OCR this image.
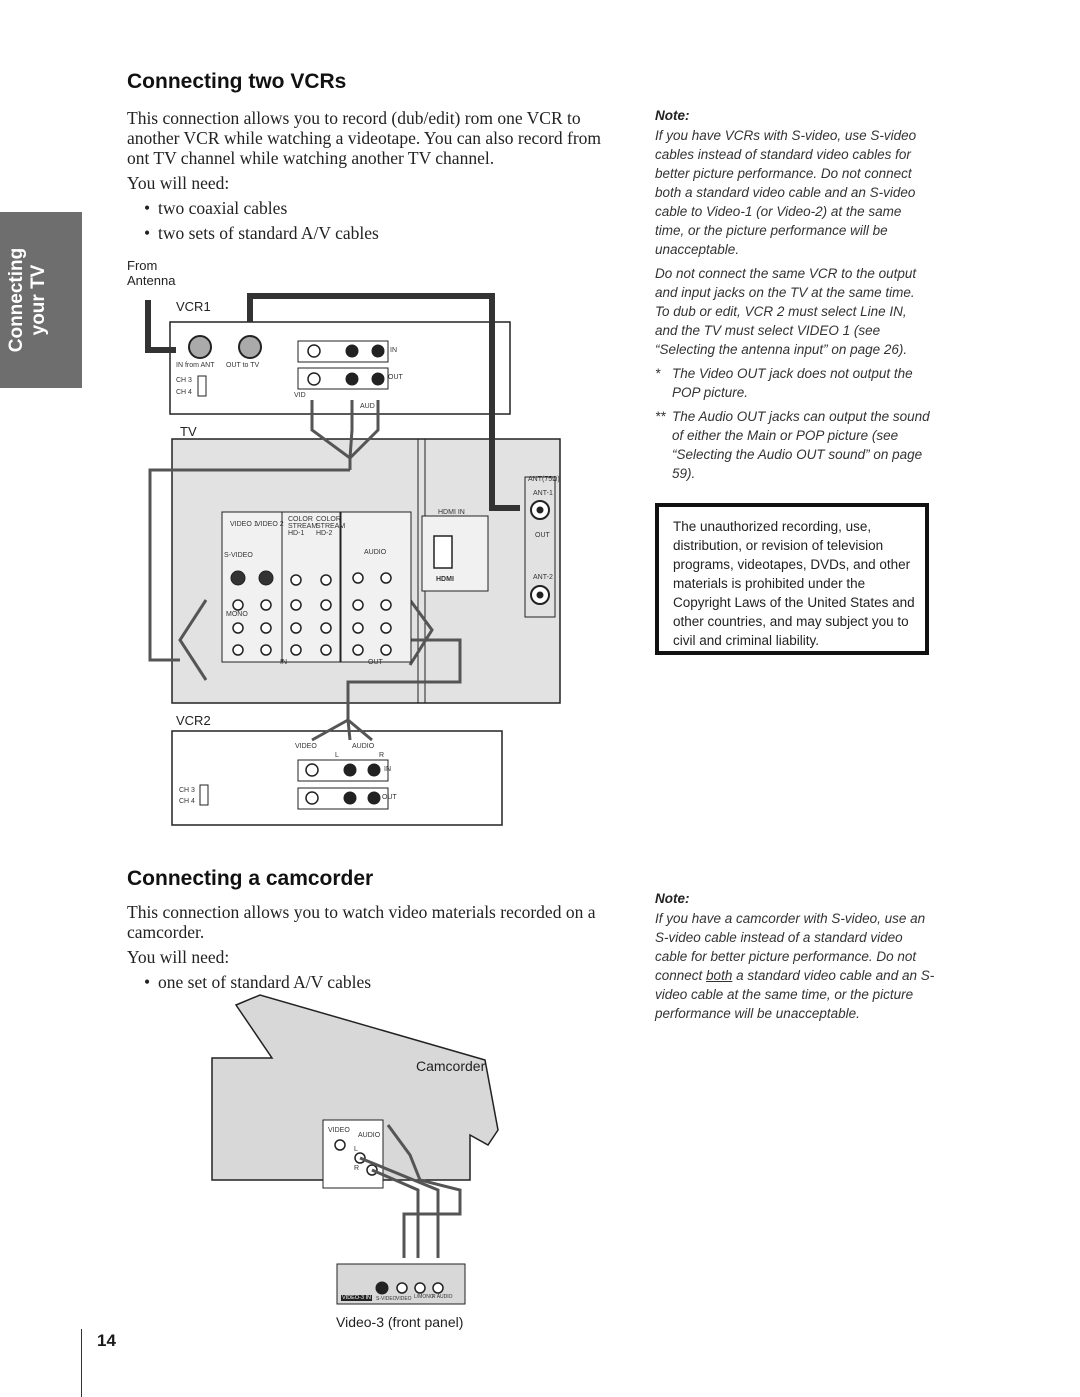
Connecting your TV
Connecting two VCRs

This connection allows you to record (dub/edit) rom one VCR to another VCR while watching a videotape. You can also record from ont TV channel while watching another TV channel.

You will need:

• two coaxial cables
• two sets of standard A/V cables
Note:

If you have VCRs with S-video, use S-video cables instead of standard video cables for better picture performance. Do not connect both a standard video cable and an S-video cable to Video-1 (or Video-2) at the same time, or the picture performance will be unacceptable.

Do not connect the same VCR to the output and input jacks on the TV at the same time. To dub or edit, VCR 2 must select Line IN, and the TV must select VIDEO 1 (see “Selecting the antenna input” on page 26).

* The Video OUT jack does not output the POP picture.

** The Audio OUT jacks can output the sound of either the Main or POP picture (see “Selecting the Audio OUT sound” on page 59).

The unauthorized recording, use, distribution, or revision of television programs, videotapes, DVDs, and other materials is prohibited under the Copyright Laws of the United States and other countries, and may subject you to civil and criminal liability.
From
Antenna
VCR1
IN from ANT OUT to TV
CH 3
CH 4
IN
OUT
VID
AUD
TV
ANT(75Ω)
ANT-1
OUT
ANT-2
HDMI IN
HDMI
VIDEO 1
VIDEO 2
COLOR STREAM HD-1
COLOR STREAM HD-2
S-VIDEO	AUDIO
MONO
IN	OUT
VCR2
VIDEO	AUDIO
L	R
IN
OUT
CH 3
CH 4
Connecting a camcorder

This connection allows you to watch video materials recorded on a camcorder.

You will need:

• one set of standard A/V cables
Note:

If you have a camcorder with S-video, use an S-video cable instead of a standard video cable for better picture performance. Do not connect both a standard video cable and an S-video cable at the same time, or the picture performance will be unacceptable.

Camcorder
VIDEO
AUDIO
L
R
VIDEO-3 IN S-VIDEO VIDEO L/MONO
R AUDIO
Video-3 (front panel)
14
